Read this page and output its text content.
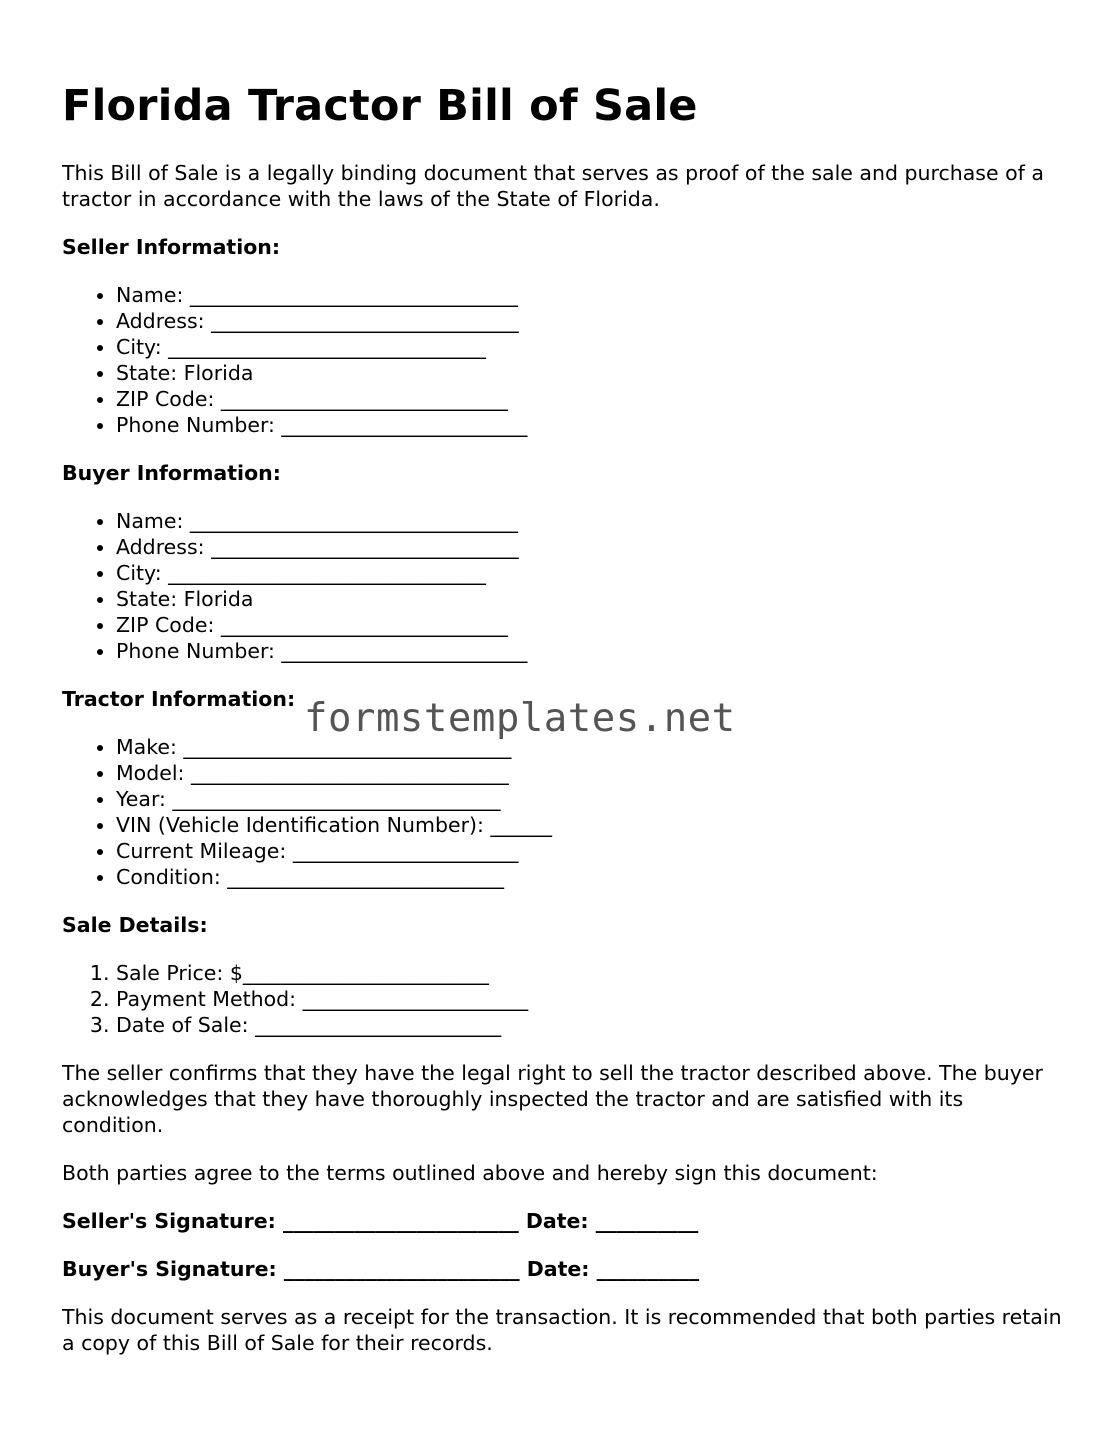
Florida Tractor Bill of Sale

This Bill of Sale is a legally binding document that serves as proof of the sale and purchase of a tractor in accordance with the laws of the State of Florida.

Seller Information:
• Name: ________________________________
• Address: ______________________________
• City: _______________________________
• State: Florida
• ZIP Code: ____________________________
• Phone Number: ________________________
Buyer Information:
• Name: ________________________________
• Address: ______________________________
• City: _______________________________
• State: Florida
• ZIP Code: ____________________________
• Phone Number: ________________________
Tractor Information:
• Make: ________________________________
• Model: _______________________________
• Year: ________________________________
• VIN (Vehicle Identification Number): ______
• Current Mileage: ______________________
• Condition: ___________________________
Sale Details:
1. Sale Price: $________________________
2. Payment Method: ______________________
3. Date of Sale: ________________________

The seller confirms that they have the legal right to sell the tractor described above. The buyer acknowledges that they have thoroughly inspected the tractor and are satisfied with its condition.

Both parties agree to the terms outlined above and hereby sign this document:

Seller's Signature: _______________________ Date: __________
Buyer's Signature: _______________________ Date: __________

This document serves as a receipt for the transaction. It is recommended that both parties retain a copy of this Bill of Sale for their records.

formstemplates.net
